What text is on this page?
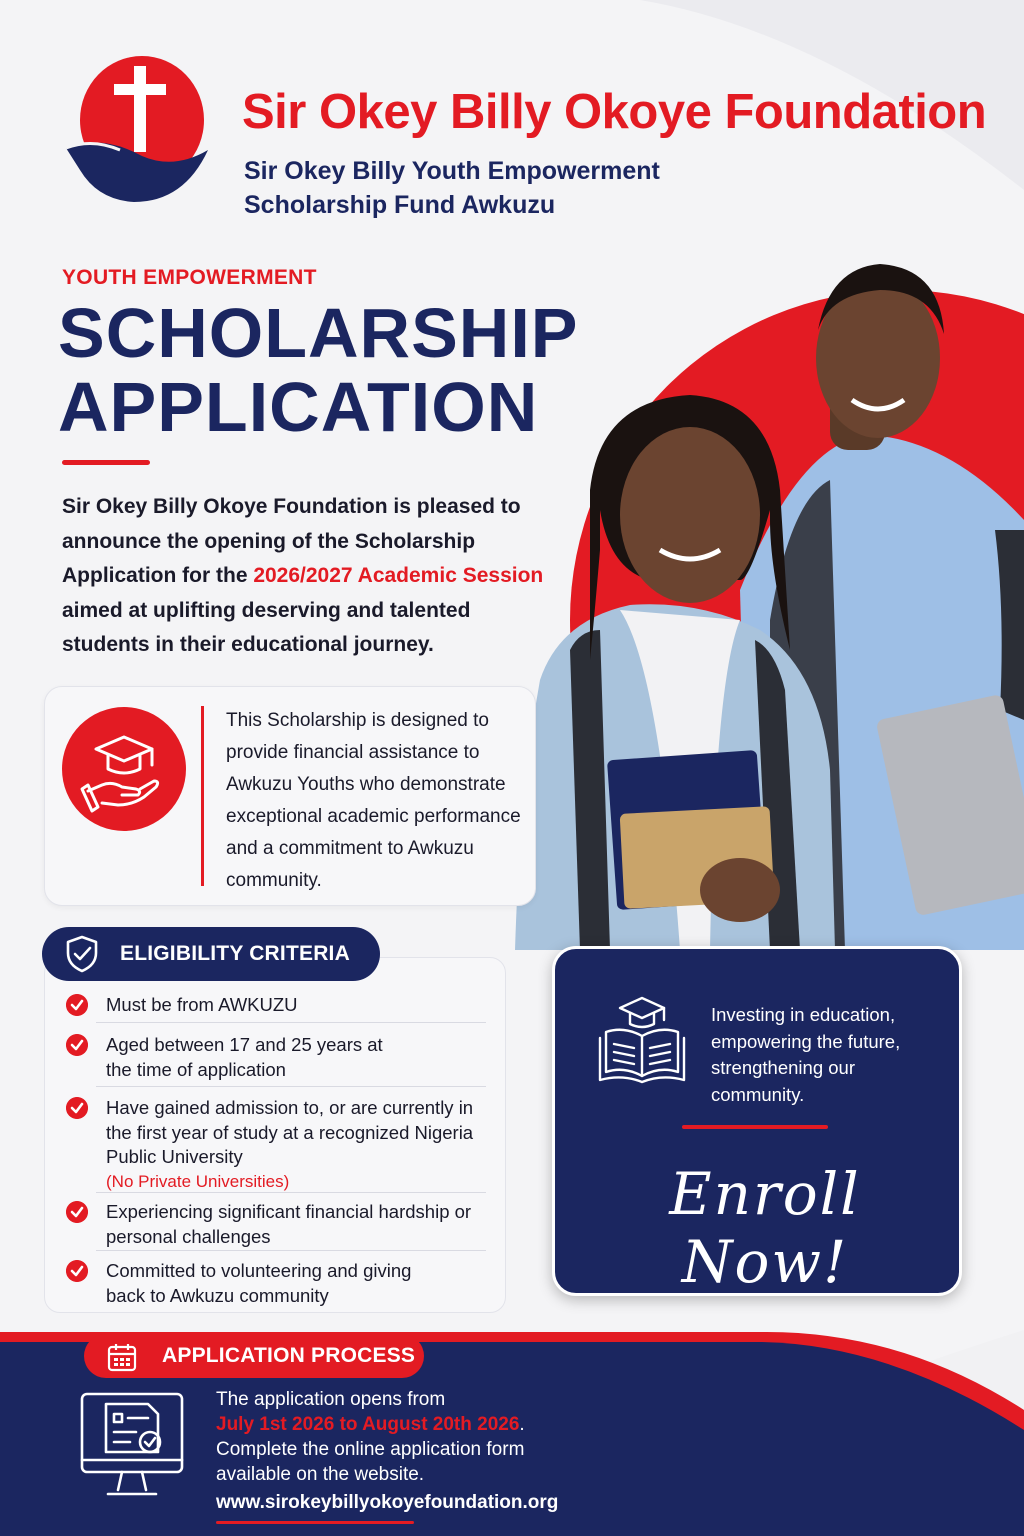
Sir Okey Billy Okoye Foundation
Sir Okey Billy Youth Empowerment
Scholarship Fund Awkuzu
YOUTH EMPOWERMENT
SCHOLARSHIP
APPLICATION

Sir Okey Billy Okoye Foundation is pleased to announce the opening of the Scholarship Application for the 2026/2027 Academic Session aimed at uplifting deserving and talented students in their educational journey.

This Scholarship is designed to provide financial assistance to Awkuzu Youths who demonstrate exceptional academic performance and a commitment to Awkuzu community.

ELIGIBILITY CRITERIA
Must be from AWKUZU
Aged between 17 and 25 years at the time of application
Have gained admission to, or are currently in the first year of study at a recognized Nigeria Public University
(No Private Universities)
Experiencing significant financial hardship or personal challenges
Committed to volunteering and giving back to Awkuzu community

Investing in education, empowering the future, strengthening our community.

Enroll Now!
APPLICATION PROCESS
The application opens from
July 1st 2026 to August 20th 2026.
Complete the online application form available on the website.
www.sirokeybillyokoyefoundation.org
